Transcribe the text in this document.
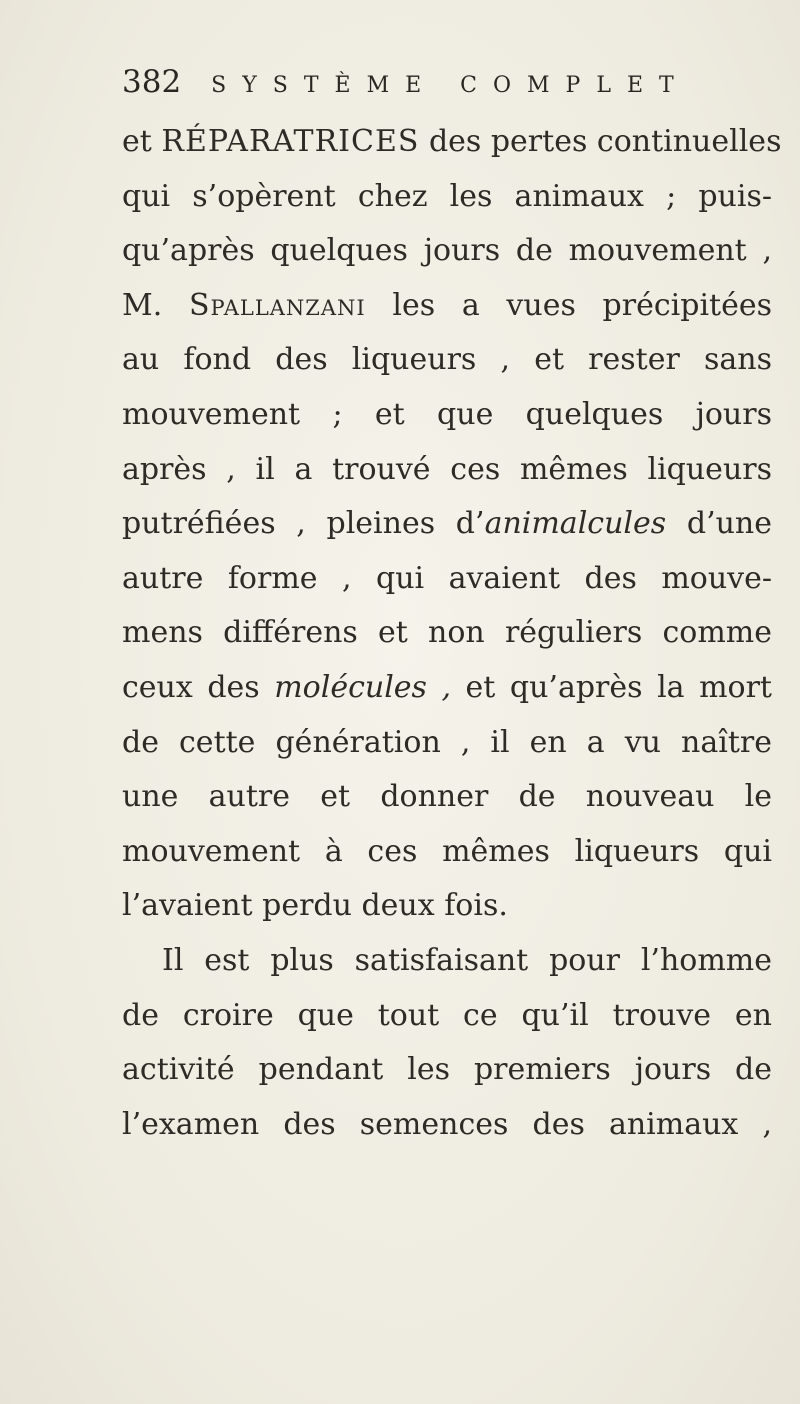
382 SYSTÈME COMPLET
et RÉPARATRICES des pertes continuelles
qui s’opèrent chez les animaux ; puis-
qu’après quelques jours de mouvement ,
M. Spallanzani les a vues précipitées
au fond des liqueurs , et rester sans
mouvement ; et que quelques jours
après , il a trouvé ces mêmes liqueurs
putréfiées , pleines d’animalcules d’une
autre forme , qui avaient des mouve-
mens différens et non réguliers comme
ceux des molécules , et qu’après la mort
de cette génération , il en a vu naître
une autre et donner de nouveau le
mouvement à ces mêmes liqueurs qui
l’avaient perdu deux fois.
Il est plus satisfaisant pour l’homme
de croire que tout ce qu’il trouve en
activité pendant les premiers jours de
l’examen des semences des animaux ,
